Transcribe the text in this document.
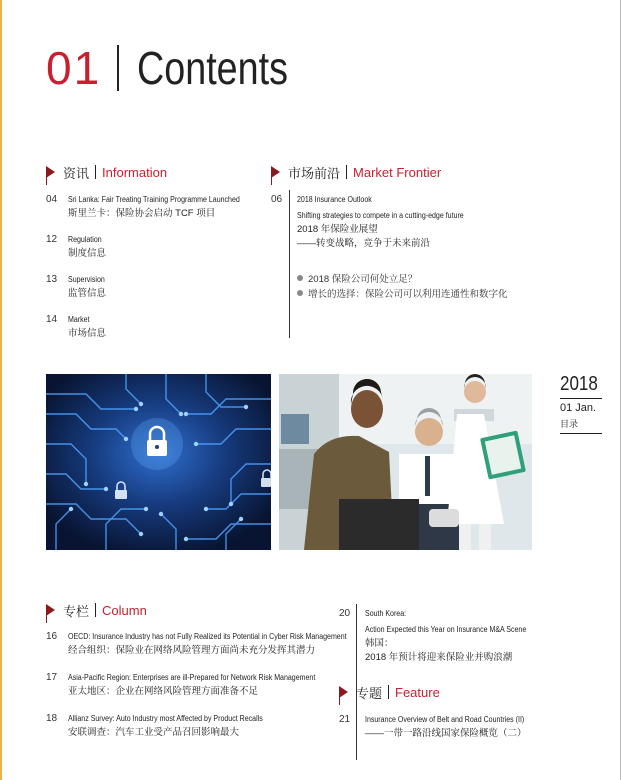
01 Contents
资讯 Information
04	Sri Lanka: Fair Treating Training Programme Launched
斯里兰卡：保险协会启动 TCF 项目
12	Regulation
制度信息
13	Supervision
监管信息
14	Market
市场信息
市场前沿 Market Frontier
06	2018 Insurance Outlook
Shifting strategies to compete in a cutting-edge future
2018 年保险业展望
——转变战略，竞争于未来前沿
2018 保险公司何处立足？
增长的选择：保险公司可以利用连通性和数字化
2018
01 Jan.
目录
专栏 Column
16	OECD: Insurance Industry has not Fully Realized its Potential in Cyber Risk Management
经合组织：保险业在网络风险管理方面尚未充分发挥其潜力
17	Asia-Pacific Region: Enterprises are ill-Prepared for Network Risk Management
亚太地区：企业在网络风险管理方面准备不足
18	Allianz Survey: Auto Industry most Affected by Product Recalls
安联调查：汽车工业受产品召回影响最大
20	South Korea:
Action Expected this Year on Insurance M&A Scene
韩国：
2018 年预计将迎来保险业并购浪潮
专题 Feature
21	Insurance Overview of Belt and Road Countries (II)
——一带一路沿线国家保险概览（二）
